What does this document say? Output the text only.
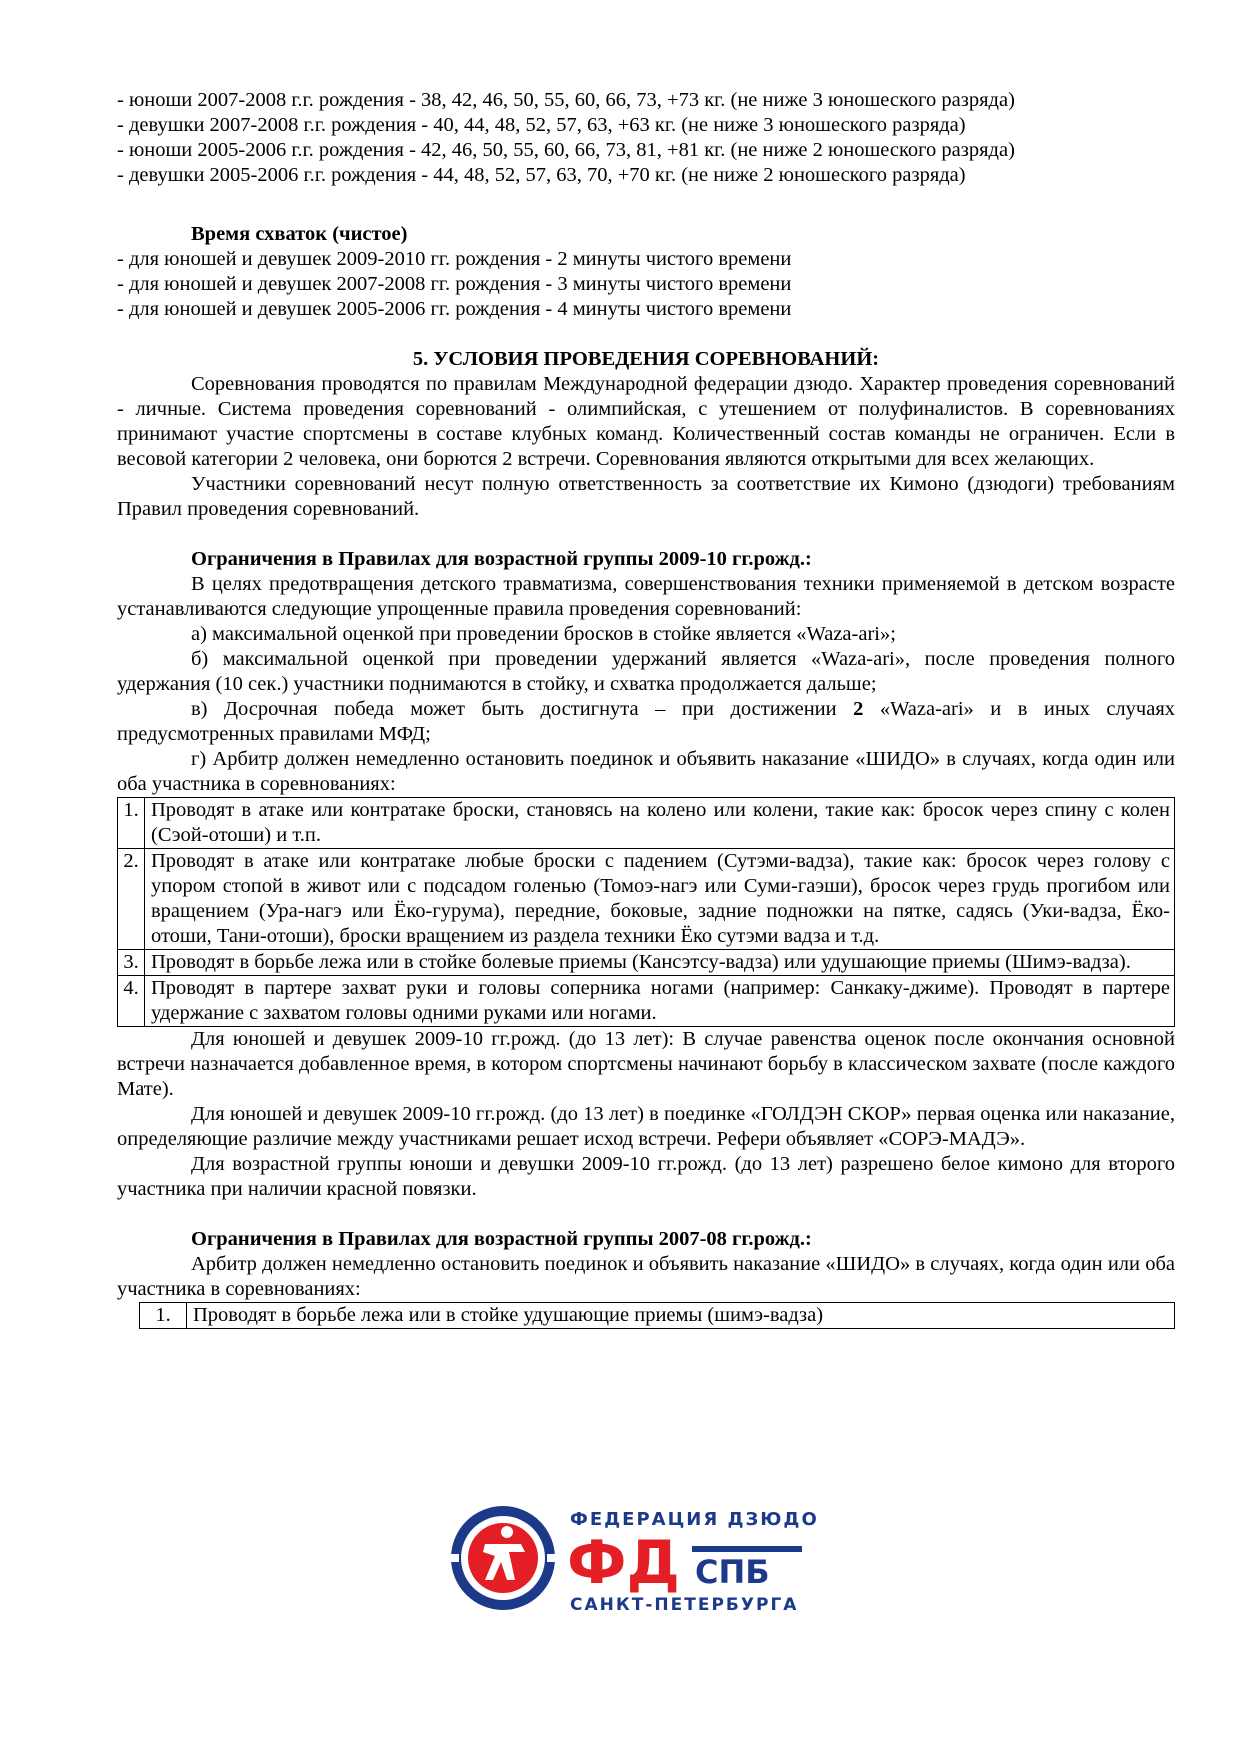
- юноши 2007-2008 г.г. рождения - 38, 42, 46, 50, 55, 60, 66, 73, +73 кг. (не ниже 3 юношеского разряда)
- девушки 2007-2008 г.г. рождения - 40, 44, 48, 52, 57, 63, +63 кг. (не ниже 3 юношеского разряда)
- юноши 2005-2006 г.г. рождения - 42, 46, 50, 55, 60, 66, 73, 81, +81 кг. (не ниже 2 юношеского разряда)
- девушки 2005-2006 г.г. рождения - 44, 48, 52, 57, 63, 70, +70 кг. (не ниже 2 юношеского разряда)
Время схваток (чистое)
- для юношей и девушек 2009-2010 гг. рождения - 2 минуты чистого времени
- для юношей и девушек 2007-2008 гг. рождения - 3 минуты чистого времени
- для юношей и девушек 2005-2006 гг. рождения - 4 минуты чистого времени
5. УСЛОВИЯ ПРОВЕДЕНИЯ СОРЕВНОВАНИЙ:

Соревнования проводятся по правилам Международной федерации дзюдо. Характер проведения соревнований - личные. Система проведения соревнований - олимпийская, с утешением от полуфиналистов. В соревнованиях принимают участие спортсмены в составе клубных команд. Количественный состав команды не ограничен. Если в весовой категории 2 человека, они борются 2 встречи. Соревнования являются открытыми для всех желающих.

Участники соревнований несут полную ответственность за соответствие их Кимоно (дзюдоги) требованиям Правил проведения соревнований.

Ограничения в Правилах для возрастной группы 2009-10 гг.рожд.:

В целях предотвращения детского травматизма, совершенствования техники применяемой в детском возрасте устанавливаются следующие упрощенные правила проведения соревнований:

а) максимальной оценкой при проведении бросков в стойке является «Waza-ari»;

б) максимальной оценкой при проведении удержаний является «Waza-ari», после проведения полного удержания (10 сек.) участники поднимаются в стойку, и схватка продолжается дальше;

в) Досрочная победа может быть достигнута – при достижении 2 «Waza-ari» и в иных случаях предусмотренных правилами МФД;

г) Арбитр должен немедленно остановить поединок и объявить наказание «ШИДО» в случаях, когда один или оба участника в соревнованиях:

1.	Проводят в атаке или контратаке броски, становясь на колено или колени, такие как: бросок через спину с колен (Сэой-отоши) и т.п.
2.	Проводят в атаке или контратаке любые броски с падением (Сутэми-вадза), такие как: бросок через голову с упором стопой в живот или с подсадом голенью (Томоэ-нагэ или Суми-гаэши), бросок через грудь прогибом или вращением (Ура-нагэ или Ёко-гурума), передние, боковые, задние подножки на пятке, садясь (Уки-вадза, Ёко-отоши, Тани-отоши), броски вращением из раздела техники Ёко сутэми вадза и т.д.
3.	Проводят в борьбе лежа или в стойке болевые приемы (Кансэтсу-вадза) или удушающие приемы (Шимэ-вадза).
4.	Проводят в партере захват руки и головы соперника ногами (например: Санкаку-джиме). Проводят в партере удержание с захватом головы одними руками или ногами.

Для юношей и девушек 2009-10 гг.рожд. (до 13 лет): В случае равенства оценок после окончания основной встречи назначается добавленное время, в котором спортсмены начинают борьбу в классическом захвате (после каждого Мате).

Для юношей и девушек 2009-10 гг.рожд. (до 13 лет) в поединке «ГОЛДЭН СКОР» первая оценка или наказание, определяющие различие между участниками решает исход встречи. Рефери объявляет «СОРЭ-МАДЭ».

Для возрастной группы юноши и девушки 2009-10 гг.рожд. (до 13 лет) разрешено белое кимоно для второго участника при наличии красной повязки.

Ограничения в Правилах для возрастной группы 2007-08 гг.рожд.:

Арбитр должен немедленно остановить поединок и объявить наказание «ШИДО» в случаях, когда один или оба участника в соревнованиях:

1.	Проводят в борьбе лежа или в стойке удушающие приемы (шимэ-вадза)
ФЕДЕРАЦИЯ ДЗЮДО
ФД СПБ
САНКТ-ПЕТЕРБУРГА
